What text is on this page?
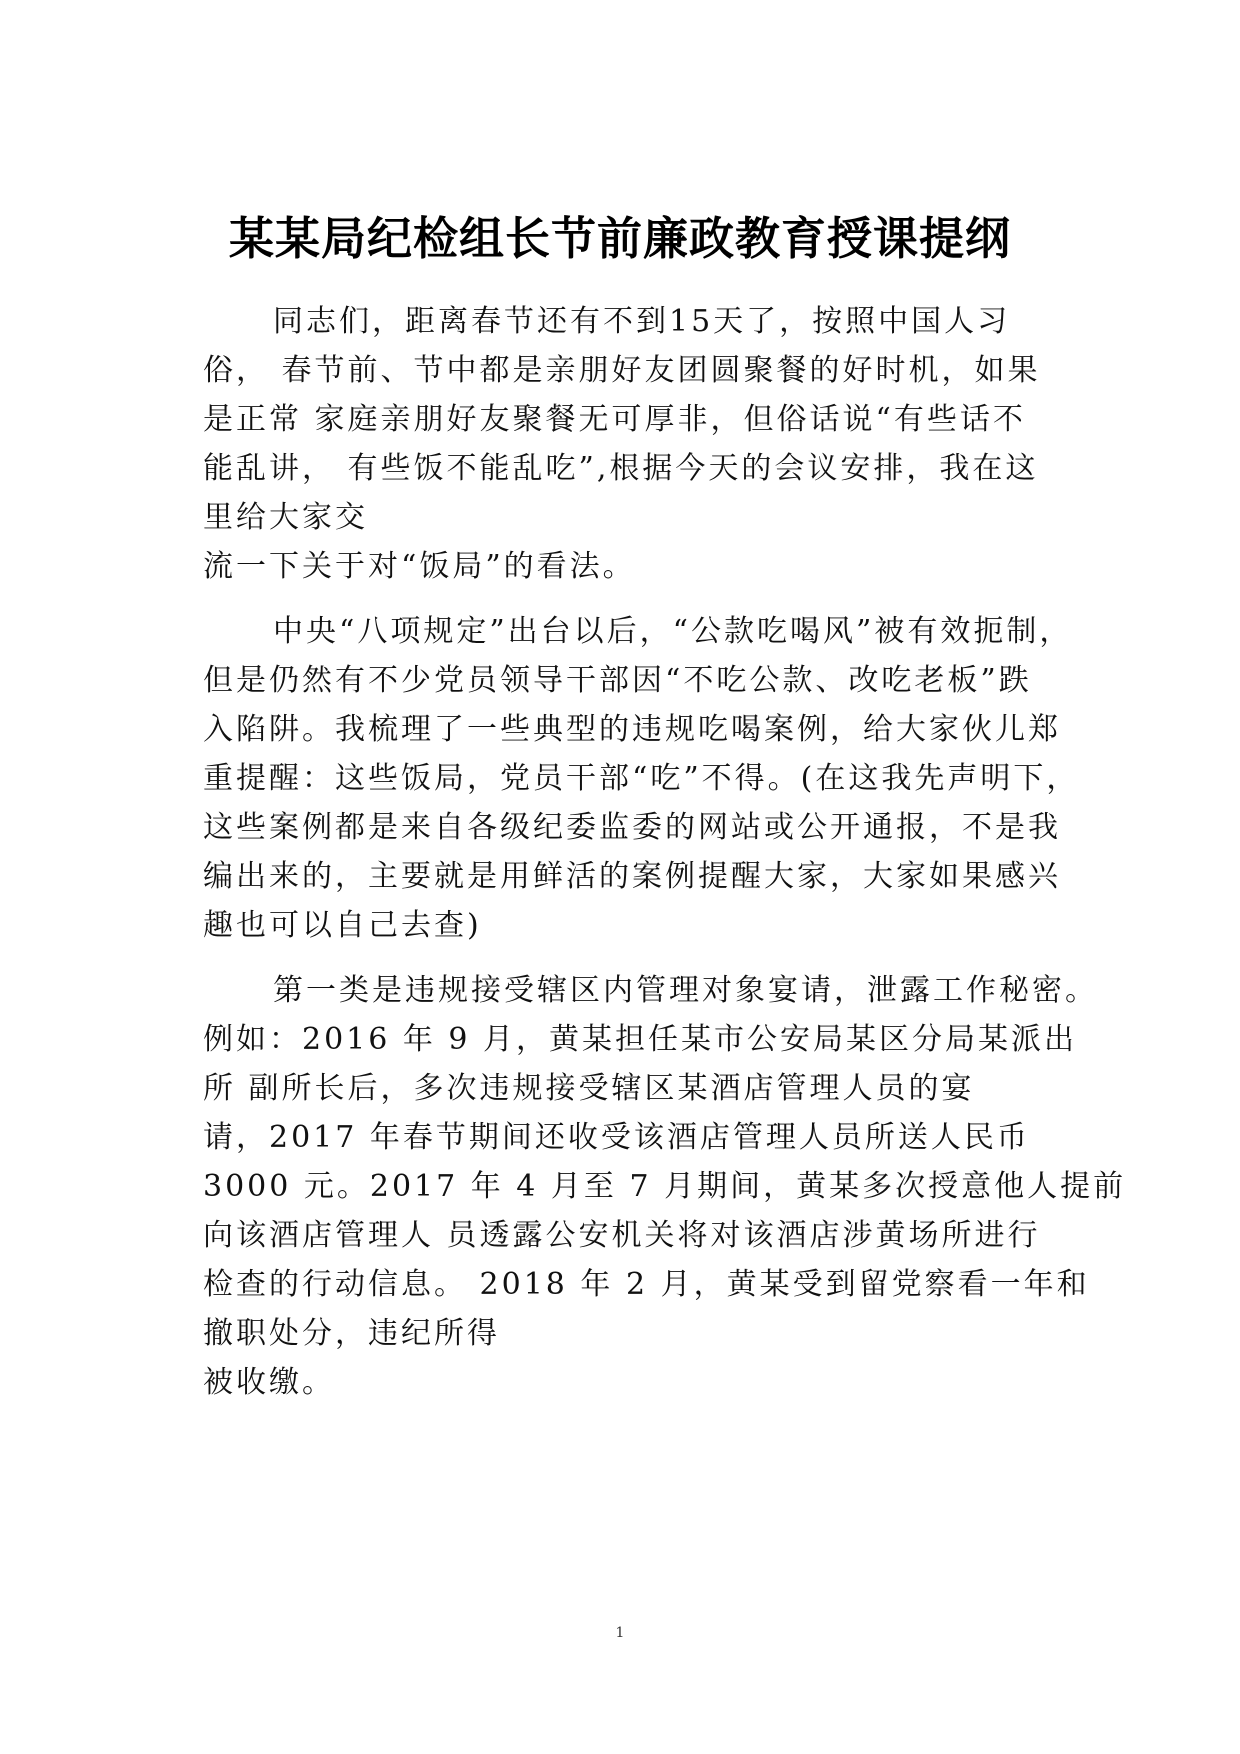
某某局纪检组长节前廉政教育授课提纲
同志们，距离春节还有不到15天了，按照中国人习
俗， 春节前、节中都是亲朋好友团圆聚餐的好时机，如果
是正常 家庭亲朋好友聚餐无可厚非，但俗话说“有些话不
能乱讲， 有些饭不能乱吃”,根据今天的会议安排，我在这
里给大家交
流一下关于对“饭局”的看法。
中央“八项规定”出台以后，“公款吃喝风”被有效扼制，
但是仍然有不少党员领导干部因“不吃公款、改吃老板”跌
入陷阱。我梳理了一些典型的违规吃喝案例，给大家伙儿郑
重提醒：这些饭局，党员干部“吃”不得。(在这我先声明下，
这些案例都是来自各级纪委监委的网站或公开通报，不是我
编出来的，主要就是用鲜活的案例提醒大家，大家如果感兴
趣也可以自己去查)
第一类是违规接受辖区内管理对象宴请，泄露工作秘密。
例如：2016 年 9 月，黄某担任某市公安局某区分局某派出
所 副所长后，多次违规接受辖区某酒店管理人员的宴
请，2017 年春节期间还收受该酒店管理人员所送人民币
3000 元。2017 年 4 月至 7 月期间，黄某多次授意他人提前
向该酒店管理人 员透露公安机关将对该酒店涉黄场所进行
检查的行动信息。 2018 年 2 月，黄某受到留党察看一年和
撤职处分，违纪所得
被收缴。
1
